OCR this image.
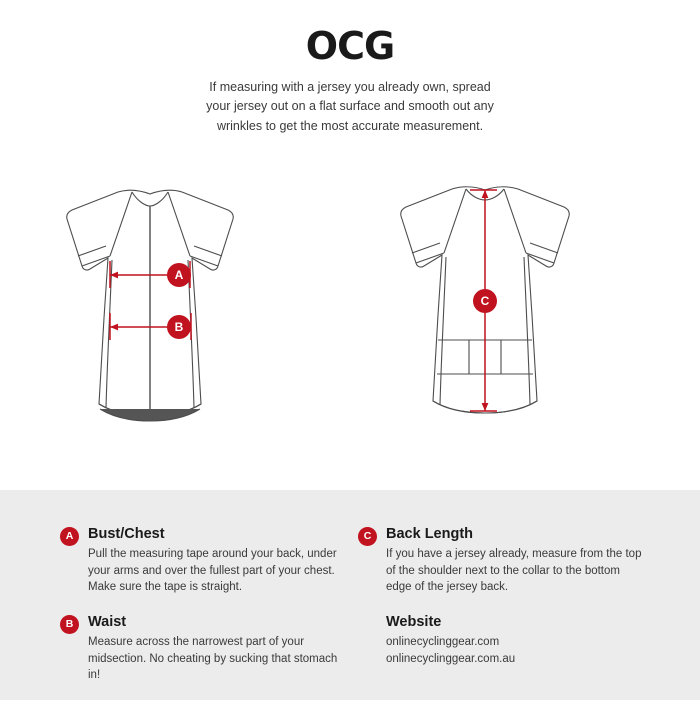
OCG
If measuring with a jersey you already own, spread your jersey out on a flat surface and smooth out any wrinkles to get the most accurate measurement.
A
B
C
A	Bust/Chest

Pull the measuring tape around your back, under your arms and over the fullest part of your chest. Make sure the tape is straight.

B	Waist

Measure across the narrowest part of your midsection. No cheating by sucking that stomach in!

C	Back Length

If you have a jersey already, measure from the top of the shoulder next to the collar to the bottom edge of the jersey back.

Website

onlinecyclinggear.com
onlinecyclinggear.com.au
